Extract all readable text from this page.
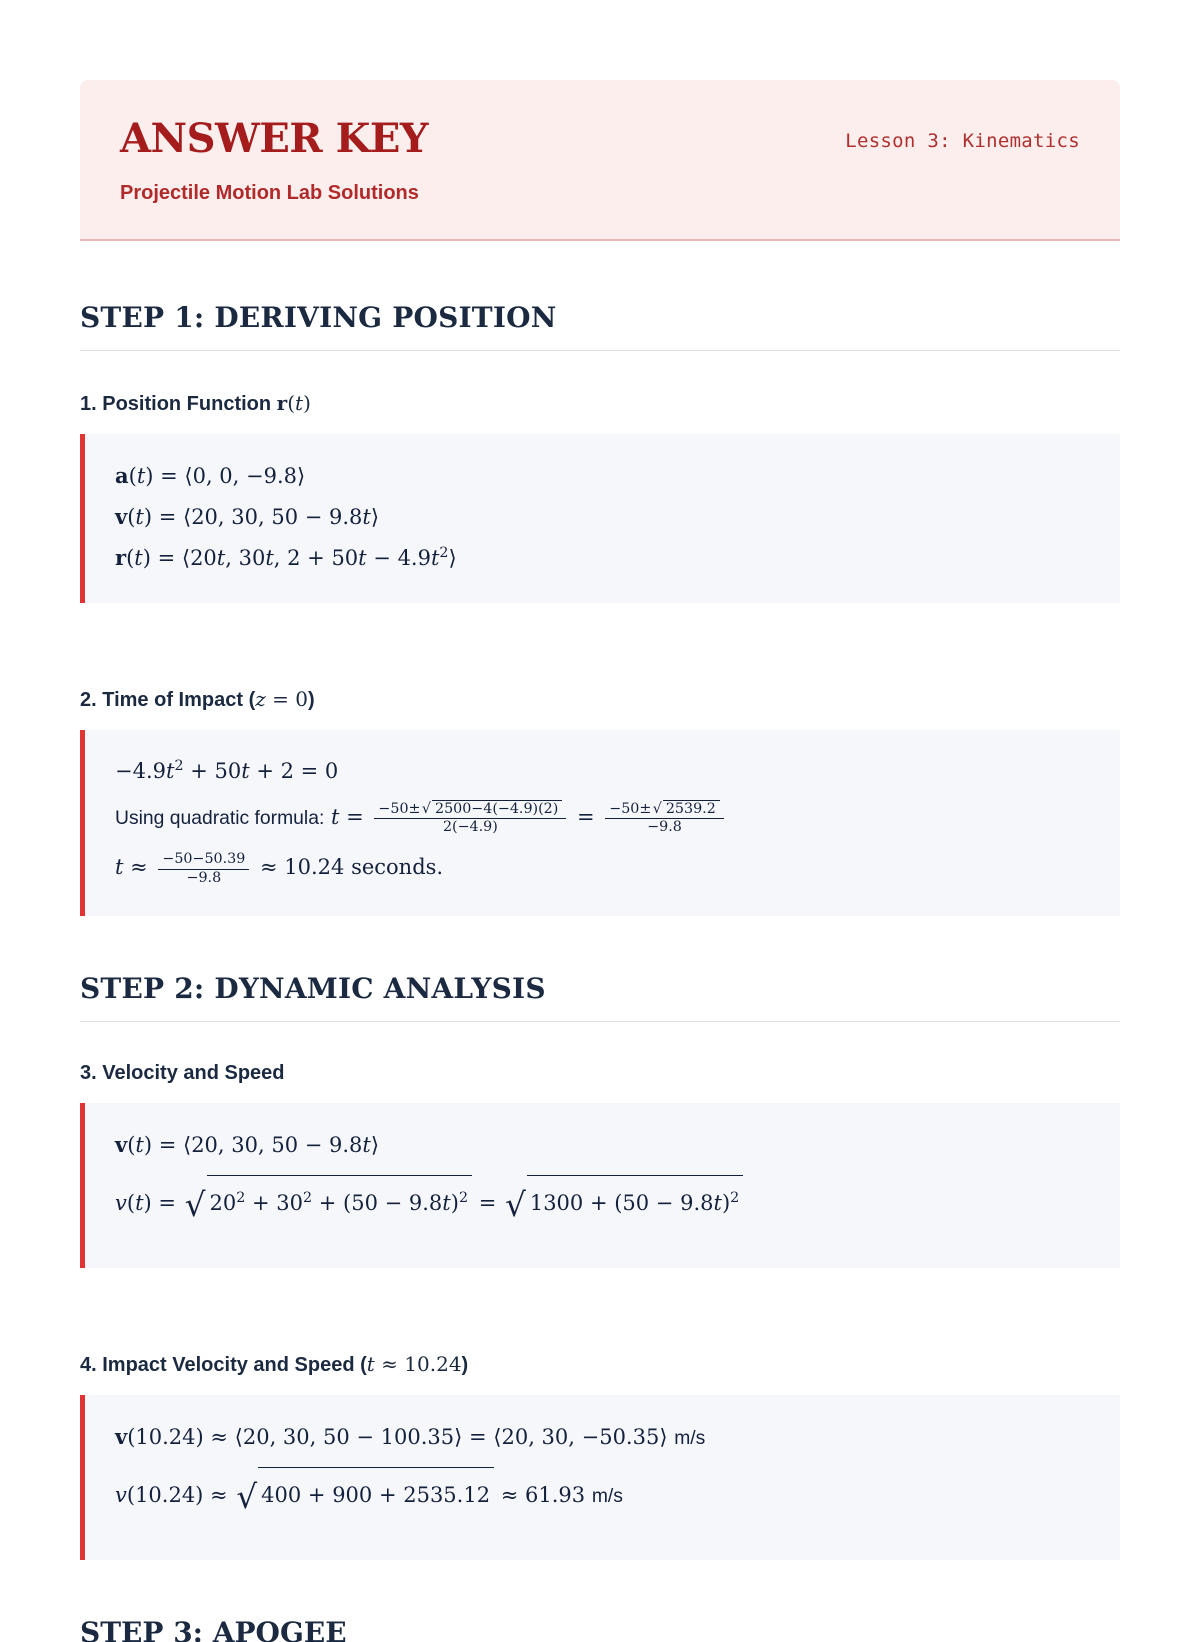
ANSWER KEY	Lesson 3: Kinematics
Projectile Motion Lab Solutions
STEP 1: DERIVING POSITION
1. Position Function r(t)
a(t) = ⟨0, 0, −9.8⟩
v(t) = ⟨20, 30, 50 − 9.8t⟩
r(t) = ⟨20t, 30t, $2 + 50t - 4.9t^2⟩$
2. Time of Impact (z = 0)
$-4.9t^2 + 50t + 2 = 0$
Using quadratic formula: $t = \frac{-50\pm√ 2500-4(-4.9)(2)}{2(-4.9)} = \frac{-50\pm√ 2539.2}{-9.8}$
$t \approx \frac{-50-50.39}{-9.8} \approx 10.24$ seconds.
STEP 2: DYNAMIC ANALYSIS
3. Velocity and Speed
v(t) = ⟨20, 30, 50 − 9.8t⟩
v(t) = √ $20^2 + 30^2 + (50 - 9.8t)^2$ = √ $1300 + (50 - 9.8t)^2$
4. Impact Velocity and Speed (t ≈ 10.24)
v(10.24) ≈ ⟨20, 30, 50 − 100.35⟩ = ⟨20, 30, −50.35⟩ m/s
v(10.24) ≈ √ 400 + 900 + 2535.12 ≈ 61.93 m/s
STEP 3: APOGEE
